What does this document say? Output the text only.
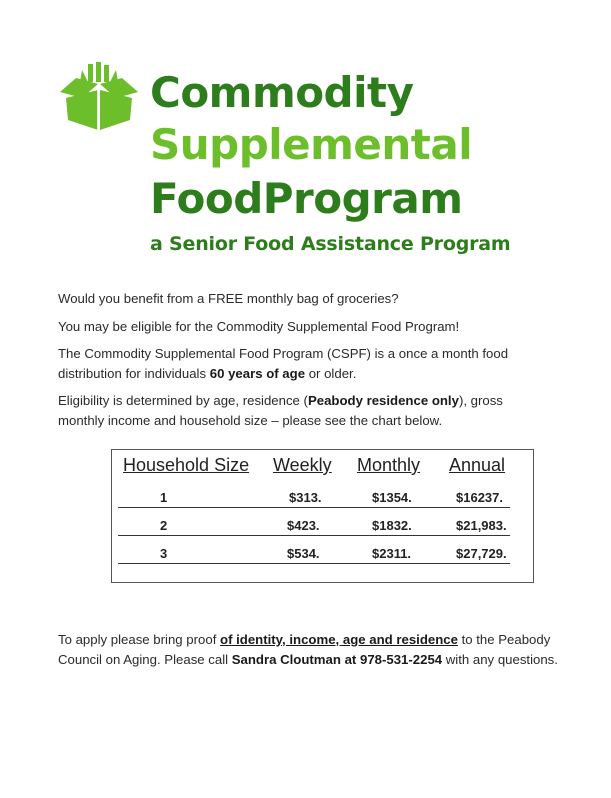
Commodity
Supplemental
FoodProgram
a Senior Food Assistance Program
Would you benefit from a FREE monthly bag of groceries?
You may be eligible for the Commodity Supplemental Food Program!
The Commodity Supplemental Food Program (CSPF) is a once a month food distribution for individuals 60 years of age or older.
Eligibility is determined by age, residence (Peabody residence only), gross monthly income and household size – please see the chart below.
Household Size Weekly Monthly Annual
1	$313.	$1354.	$16237.
2	$423.	$1832.	$21,983.
3	$534.	$2311.	$27,729.
To apply please bring proof of identity, income, age and residence to the Peabody Council on Aging. Please call Sandra Cloutman at 978-531-2254 with any questions.
